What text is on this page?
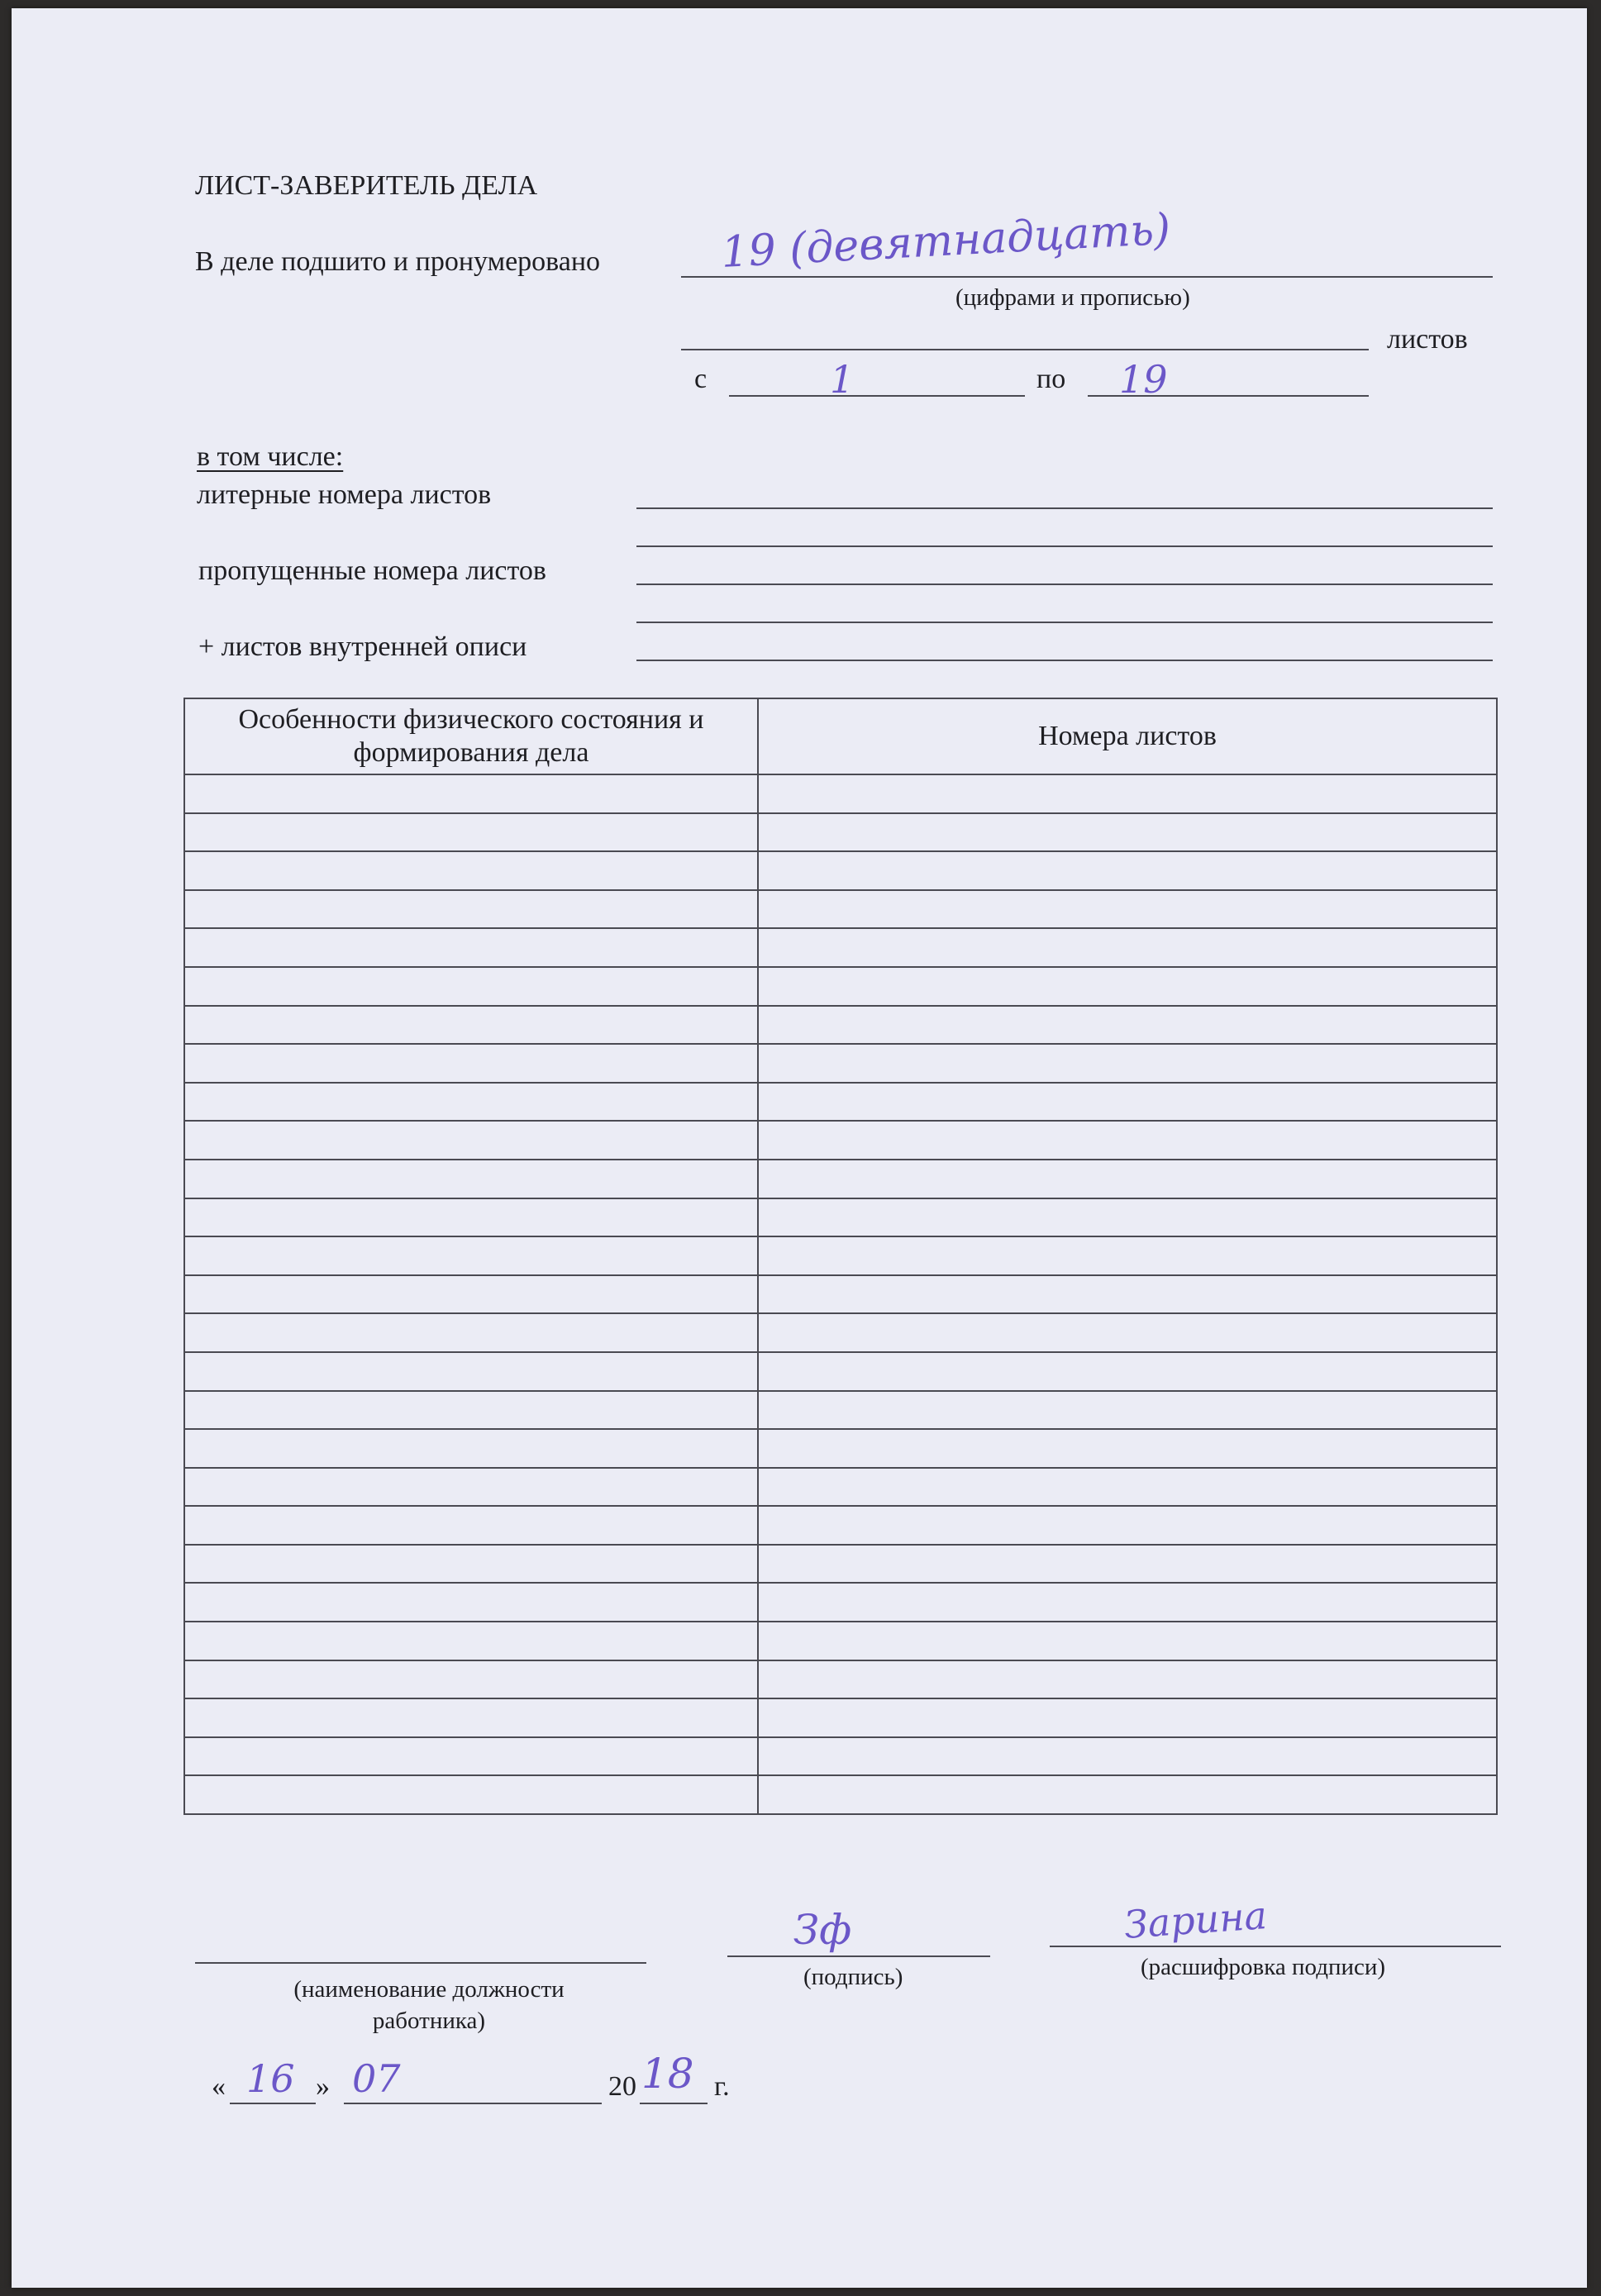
ЛИСТ-ЗАВЕРИТЕЛЬ ДЕЛА
В деле подшито и пронумеровано	19 (девятнадцать)
(цифрами и прописью)
листов
с	1	по 19
в том числе:
литерные номера листов
пропущенные номера листов
+ листов внутренней описи
Особенности физического состояния и формирования дела	Номера листов

(наименование должности работника)
Зф
(подпись)
Зарина
(расшифровка подписи)
« 16 » 07	20 18 г.
